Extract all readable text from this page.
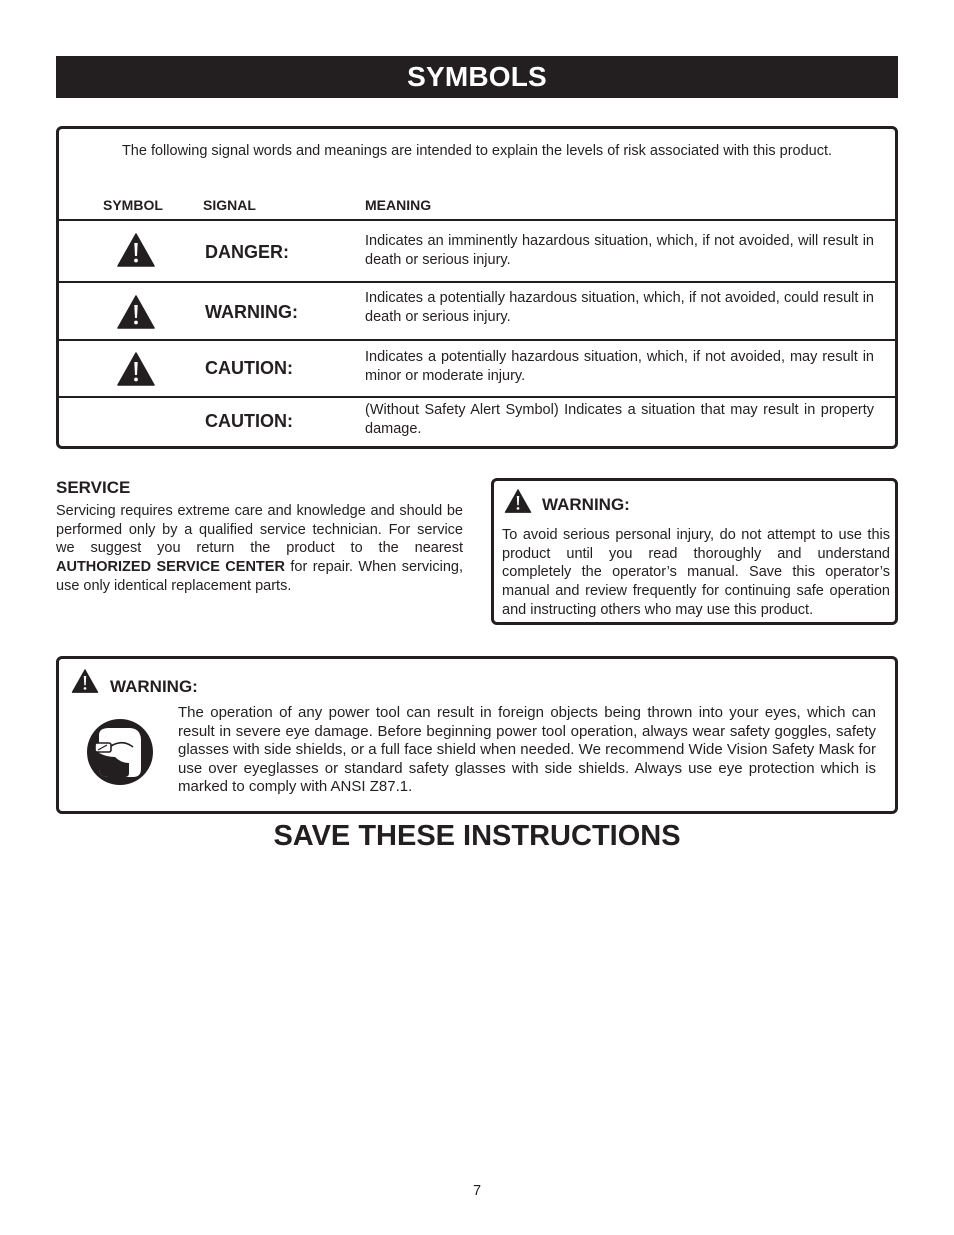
SYMBOLS
The following signal words and meanings are intended to explain the levels of risk associated with this product.
SYMBOL	SIGNAL	MEANING
DANGER:
Indicates an imminently hazardous situation, which, if not avoided, will result in death or serious injury.
WARNING:
Indicates a potentially hazardous situation, which, if not avoided, could result in death or serious injury.
CAUTION:
Indicates a potentially hazardous situation, which, if not avoided, may result in minor or moderate injury.
CAUTION:
(Without Safety Alert Symbol) Indicates a situation that may result in property damage.
SERVICE
Servicing requires extreme care and knowledge and should be performed only by a qualified service technician. For service we suggest you return the product to the nearest AUTHORIZED SERVICE CENTER for repair. When servicing, use only identical replacement parts.
WARNING:
To avoid serious personal injury, do not attempt to use this product until you read thoroughly and understand completely the operator’s manual. Save this operator’s manual and review frequently for continuing safe operation and instructing others who may use this product.
WARNING:
The operation of any power tool can result in foreign objects being thrown into your eyes, which can result in severe eye damage. Before beginning power tool operation, always wear safety goggles, safety glasses with side shields, or a full face shield when needed. We recommend Wide Vision Safety Mask for use over eyeglasses or standard safety glasses with side shields. Always use eye protection which is marked to comply with ANSI Z87.1.
SAVE THESE INSTRUCTIONS
7
